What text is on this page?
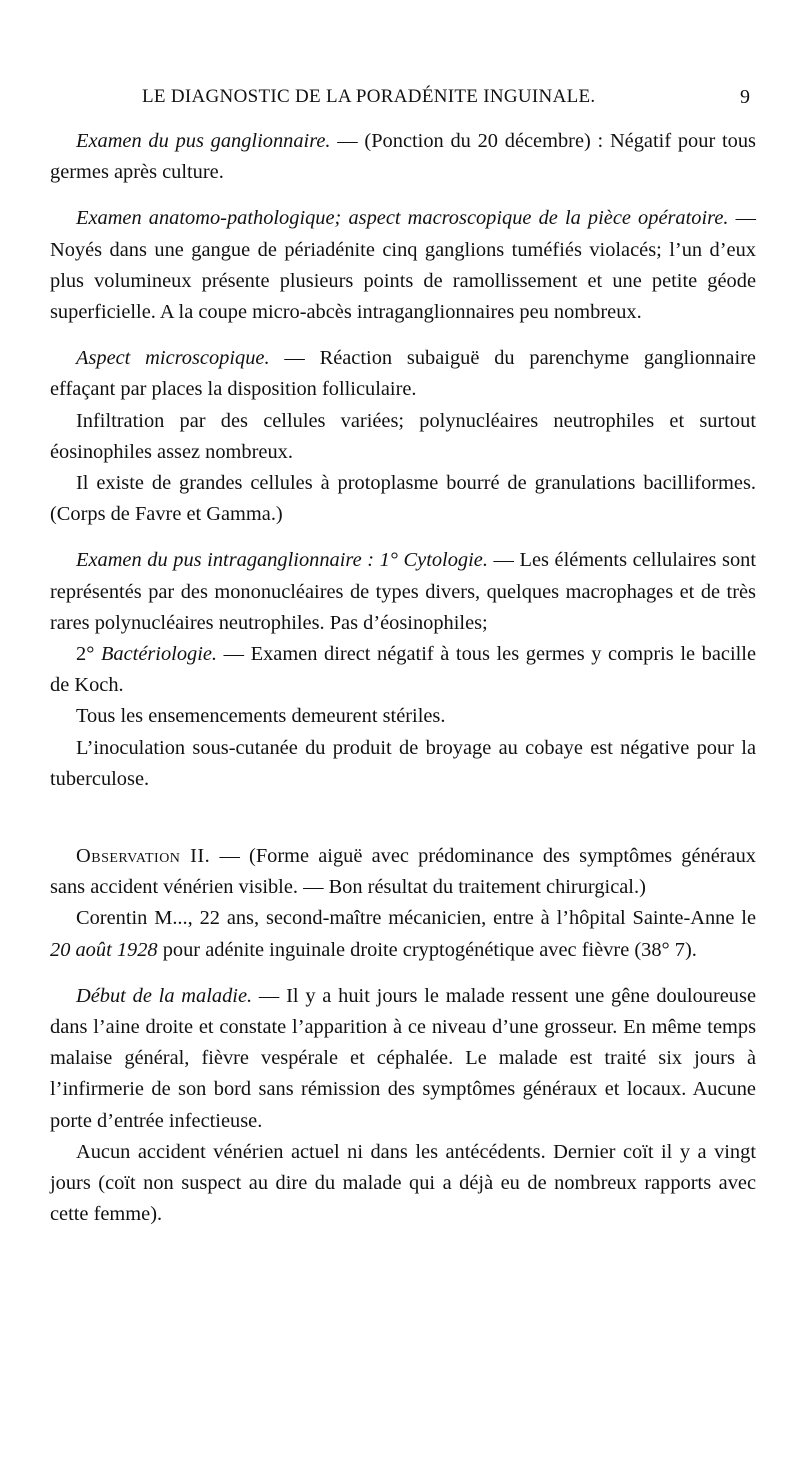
LE DIAGNOSTIC DE LA PORADÉNITE INGUINALE.	9

Examen du pus ganglionnaire. — (Ponction du 20 décembre) : Négatif pour tous germes après culture.

Examen anatomo-pathologique; aspect macroscopique de la pièce opératoire. — Noyés dans une gangue de périadénite cinq ganglions tuméfiés violacés; l’un d’eux plus volumineux présente plusieurs points de ramollissement et une petite géode superficielle. A la coupe micro-abcès intraganglionnaires peu nombreux.

Aspect microscopique. — Réaction subaiguë du parenchyme ganglionnaire effaçant par places la disposition folliculaire.

Infiltration par des cellules variées; polynucléaires neutrophiles et surtout éosinophiles assez nombreux.

Il existe de grandes cellules à protoplasme bourré de granulations bacilliformes. (Corps de Favre et Gamma.)

Examen du pus intraganglionnaire : 1° Cytologie. — Les éléments cellulaires sont représentés par des mononucléaires de types divers, quelques macrophages et de très rares polynucléaires neutrophiles. Pas d’éosinophiles;

2° Bactériologie. — Examen direct négatif à tous les germes y compris le bacille de Koch.

Tous les ensemencements demeurent stériles.

L’inoculation sous-cutanée du produit de broyage au cobaye est négative pour la tuberculose.

Observation II. — (Forme aiguë avec prédominance des symptômes généraux sans accident vénérien visible. — Bon résultat du traitement chirurgical.)

Corentin M..., 22 ans, second-maître mécanicien, entre à l’hôpital Sainte-Anne le 20 août 1928 pour adénite inguinale droite cryptogénétique avec fièvre (38° 7).

Début de la maladie. — Il y a huit jours le malade ressent une gêne douloureuse dans l’aine droite et constate l’apparition à ce niveau d’une grosseur. En même temps malaise général, fièvre vespérale et céphalée. Le malade est traité six jours à l’infirmerie de son bord sans rémission des symptômes généraux et locaux. Aucune porte d’entrée infectieuse.

Aucun accident vénérien actuel ni dans les antécédents. Dernier coït il y a vingt jours (coït non suspect au dire du malade qui a déjà eu de nombreux rapports avec cette femme).
